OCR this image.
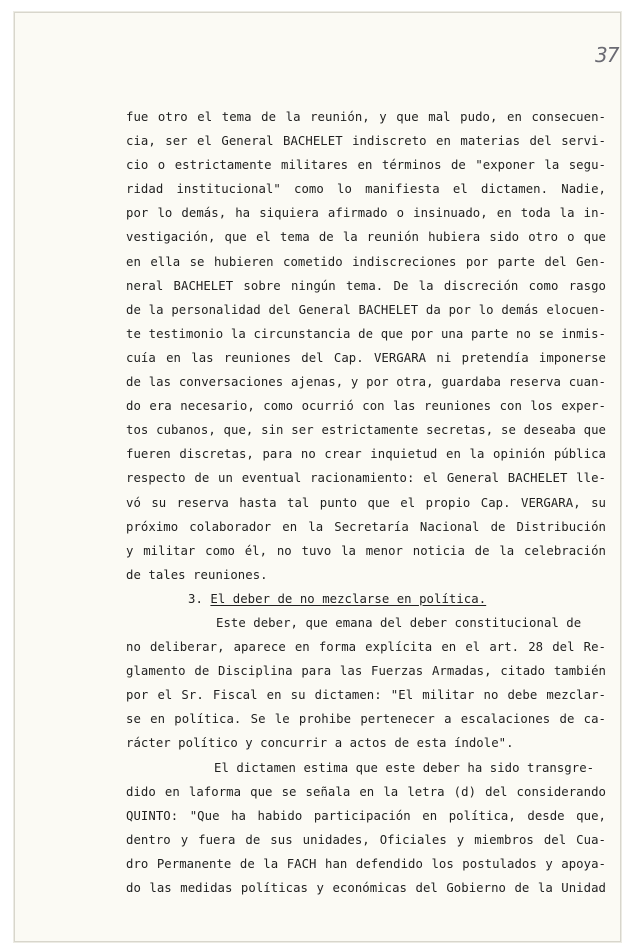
37
fue otro el tema de la reunión, y que mal pudo, en consecuen-
cia, ser el General BACHELET indiscreto en materias del servi-
cio o estrictamente militares en términos de "exponer la segu-
ridad institucional" como lo manifiesta el dictamen. Nadie,
por lo demás, ha siquiera afirmado o insinuado, en toda la in-
vestigación, que el tema de la reunión hubiera sido otro o que
en ella se hubieren cometido indiscreciones por parte del Gen-
neral BACHELET sobre ningún tema. De la discreción como rasgo
de la personalidad del General BACHELET da por lo demás elocuen-
te testimonio la circunstancia de que por una parte no se inmis-
cuía en las reuniones del Cap. VERGARA ni pretendía imponerse
de las conversaciones ajenas, y por otra, guardaba reserva cuan-
do era necesario, como ocurrió con las reuniones con los exper-
tos cubanos, que, sin ser estrictamente secretas, se deseaba que
fueren discretas, para no crear inquietud en la opinión pública
respecto de un eventual racionamiento: el General BACHELET lle-
vó su reserva hasta tal punto que el propio Cap. VERGARA, su
próximo colaborador en la Secretaría Nacional de Distribución
y militar como él, no tuvo la menor noticia de la celebración
de tales reuniones.
3. El deber de no mezclarse en política.
Este deber, que emana del deber constitucional de
no deliberar, aparece en forma explícita en el art. 28 del Re-
glamento de Disciplina para las Fuerzas Armadas, citado también
por el Sr. Fiscal en su dictamen: "El militar no debe mezclar-
se en política. Se le prohibe pertenecer a escalaciones de ca-
rácter político y concurrir a actos de esta índole".
El dictamen estima que este deber ha sido transgre-
dido en laforma que se señala en la letra (d) del considerando
QUINTO: "Que ha habido participación en política, desde que,
dentro y fuera de sus unidades, Oficiales y miembros del Cua-
dro Permanente de la FACH han defendido los postulados y apoya-
do las medidas políticas y económicas del Gobierno de la Unidad
